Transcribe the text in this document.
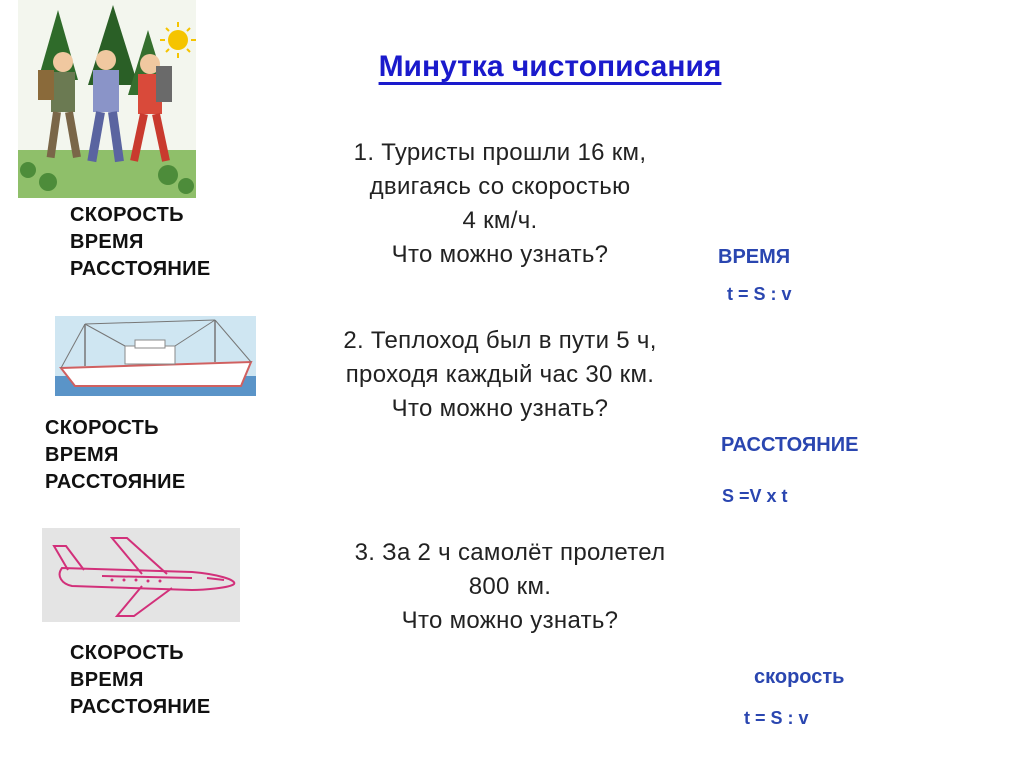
Минутка чистописания
СКОРОСТЬ
ВРЕМЯ
РАССТОЯНИЕ
1. Туристы прошли 16 км,
двигаясь со скоростью
4 км/ч.
Что можно узнать?	ВРЕМЯ
t = S : v
СКОРОСТЬ
ВРЕМЯ
РАССТОЯНИЕ
2. Теплоход был в пути 5 ч,
проходя каждый час 30 км.
Что можно узнать?
РАССТОЯНИЕ
S =V x t
СКОРОСТЬ
ВРЕМЯ
РАССТОЯНИЕ
3. За 2 ч самолёт пролетел
800 км.
Что можно узнать?
скорость
t = S : v
